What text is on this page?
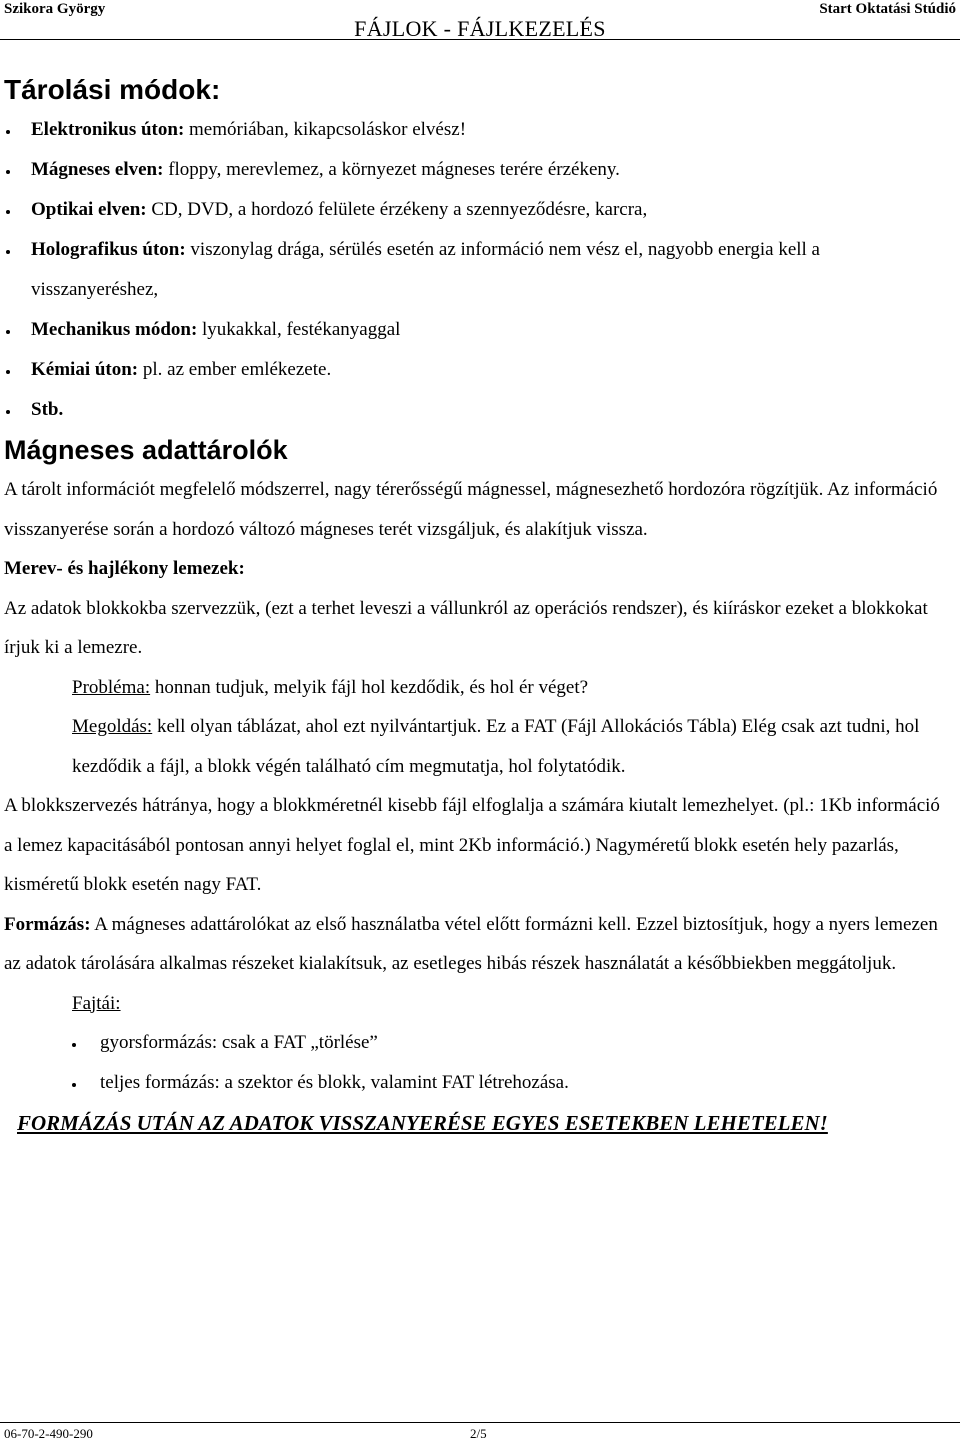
Szikora György	Start Oktatási Stúdió
FÁJLOK - FÁJLKEZELÉS
Tárolási módok:
Elektronikus úton: memóriában, kikapcsoláskor elvész!
Mágneses elven: floppy, merevlemez, a környezet mágneses terére érzékeny.
Optikai elven: CD, DVD, a hordozó felülete érzékeny a szennyeződésre, karcra,
Holografikus úton: viszonylag drága, sérülés esetén az információ nem vész el, nagyobb energia kell a visszanyeréshez,
Mechanikus módon: lyukakkal, festékanyaggal
Kémiai úton: pl. az ember emlékezete.
Stb.
Mágneses adattárolók

A tárolt információt megfelelő módszerrel, nagy térerősségű mágnessel, mágnesezhető hordozóra rögzítjük. Az információ visszanyerése során a hordozó változó mágneses terét vizsgáljuk, és alakítjuk vissza.

Merev- és hajlékony lemezek:

Az adatok blokkokba szervezzük, (ezt a terhet leveszi a vállunkról az operációs rendszer), és kiíráskor ezeket a blokkokat írjuk ki a lemezre.

Probléma: honnan tudjuk, melyik fájl hol kezdődik, és hol ér véget?

Megoldás: kell olyan táblázat, ahol ezt nyilvántartjuk. Ez a FAT (Fájl Allokációs Tábla) Elég csak azt tudni, hol kezdődik a fájl, a blokk végén található cím megmutatja, hol folytatódik.

A blokkszervezés hátránya, hogy a blokkméretnél kisebb fájl elfoglalja a számára kiutalt lemezhelyet. (pl.: 1Kb információ a lemez kapacitásából pontosan annyi helyet foglal el, mint 2Kb információ.) Nagyméretű blokk esetén hely pazarlás, kisméretű blokk esetén nagy FAT.

Formázás: A mágneses adattárolókat az első használatba vétel előtt formázni kell. Ezzel biztosítjuk, hogy a nyers lemezen az adatok tárolására alkalmas részeket kialakítsuk, az esetleges hibás részek használatát a későbbiekben meggátoljuk.

Fajtái:

gyorsformázás: csak a FAT „törlése”
teljes formázás: a szektor és blokk, valamint FAT létrehozása.

FORMÁZÁS UTÁN AZ ADATOK VISSZANYERÉSE EGYES ESETEKBEN LEHETELEN!

06-70-2-490-290	2/5
